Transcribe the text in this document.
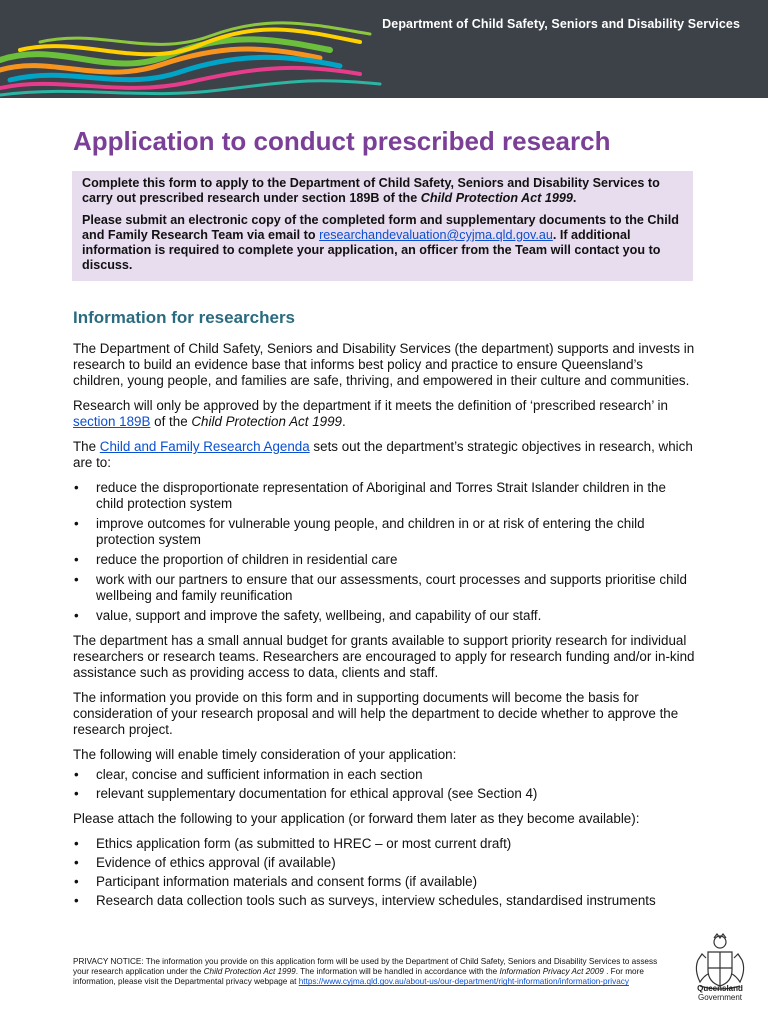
Department of Child Safety, Seniors and Disability Services
Application to conduct prescribed research

Complete this form to apply to the Department of Child Safety, Seniors and Disability Services to carry out prescribed research under section 189B of the Child Protection Act 1999.

Please submit an electronic copy of the completed form and supplementary documents to the Child and Family Research Team via email to researchandevaluation@cyjma.qld.gov.au. If additional information is required to complete your application, an officer from the Team will contact you to discuss.

Information for researchers

The Department of Child Safety, Seniors and Disability Services (the department) supports and invests in research to build an evidence base that informs best policy and practice to ensure Queensland’s children, young people, and families are safe, thriving, and empowered in their culture and communities.

Research will only be approved by the department if it meets the definition of ‘prescribed research’ in section 189B of the Child Protection Act 1999.

The Child and Family Research Agenda sets out the department’s strategic objectives in research, which are to:

• reduce the disproportionate representation of Aboriginal and Torres Strait Islander children in the child protection system
• improve outcomes for vulnerable young people, and children in or at risk of entering the child protection system
• reduce the proportion of children in residential care
• work with our partners to ensure that our assessments, court processes and supports prioritise child wellbeing and family reunification
• value, support and improve the safety, wellbeing, and capability of our staff.

The department has a small annual budget for grants available to support priority research for individual researchers or research teams. Researchers are encouraged to apply for research funding and/or in-kind assistance such as providing access to data, clients and staff.

The information you provide on this form and in supporting documents will become the basis for consideration of your research proposal and will help the department to decide whether to approve the research project.

The following will enable timely consideration of your application:

• clear, concise and sufficient information in each section
• relevant supplementary documentation for ethical approval (see Section 4)

Please attach the following to your application (or forward them later as they become available):

• Ethics application form (as submitted to HREC – or most current draft)
• Evidence of ethics approval (if available)
• Participant information materials and consent forms (if available)
• Research data collection tools such as surveys, interview schedules, standardised instruments
PRIVACY NOTICE: The information you provide on this application form will be used by the Department of Child Safety, Seniors and Disability Services to assess your research application under the Child Protection Act 1999. The information will be handled in accordance with the Information Privacy Act 2009 . For more information, please visit the Departmental privacy webpage at https://www.cyjma.qld.gov.au/about-us/our-department/right-information/information-privacy
Queensland
Government
